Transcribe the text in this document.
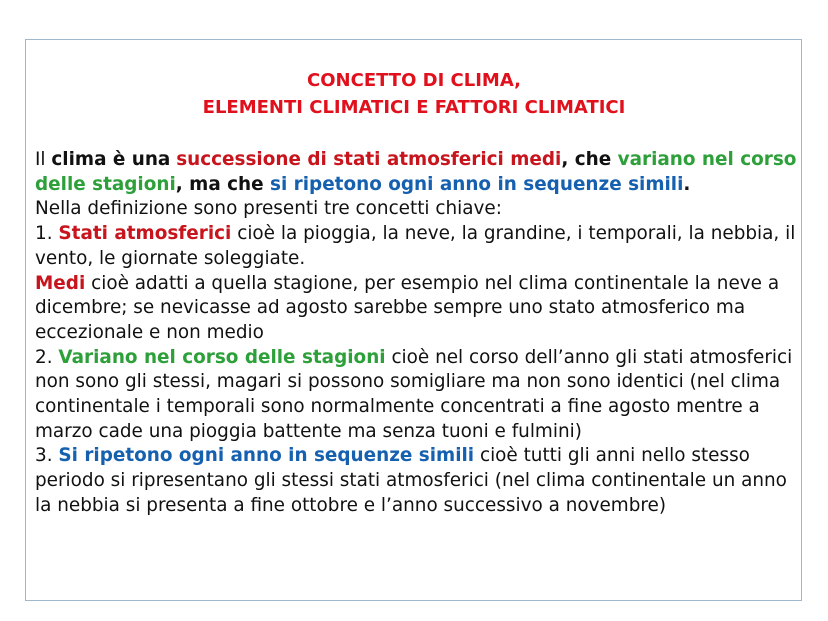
CONCETTO DI CLIMA,
ELEMENTI CLIMATICI E FATTORI CLIMATICI

Il clima è una successione di stati atmosferici medi, che variano nel corso delle stagioni, ma che si ripetono ogni anno in sequenze simili.

Nella definizione sono presenti tre concetti chiave:

1. Stati atmosferici cioè la pioggia, la neve, la grandine, i temporali, la nebbia, il vento, le giornate soleggiate.

Medi cioè adatti a quella stagione, per esempio nel clima continentale la neve a dicembre; se nevicasse ad agosto sarebbe sempre uno stato atmosferico ma eccezionale e non medio

2. Variano nel corso delle stagioni cioè nel corso dell’anno gli stati atmosferici non sono gli stessi, magari si possono somigliare ma non sono identici (nel clima continentale i temporali sono normalmente concentrati a fine agosto mentre a marzo cade una pioggia battente ma senza tuoni e fulmini)

3. Si ripetono ogni anno in sequenze simili cioè tutti gli anni nello stesso periodo si ripresentano gli stessi stati atmosferici (nel clima continentale un anno la nebbia si presenta a fine ottobre e l’anno successivo a novembre)
